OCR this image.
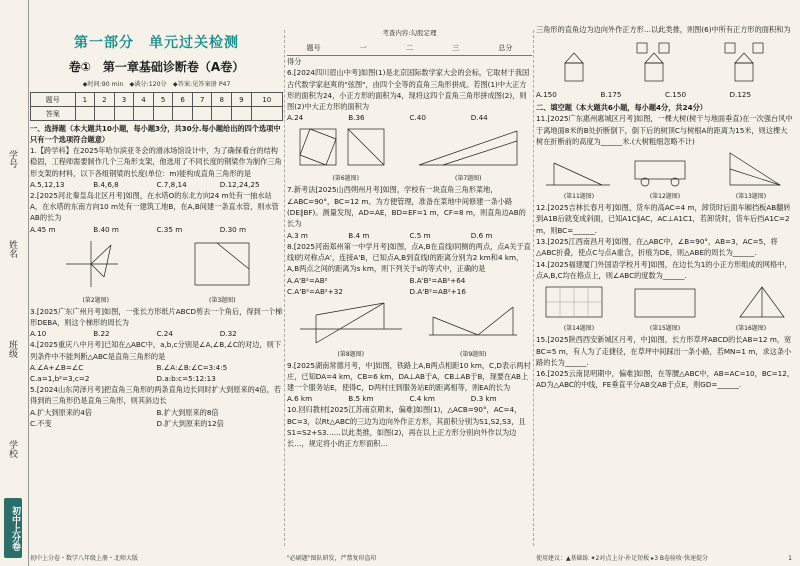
学号
姓名
班级
学校
初中上分卷
第一部分　单元过关检测
卷①　第一章基础诊断卷（A卷）
◆时间:90 min　◆满分:120分　◆答案:见答案册 P47
题号	1	2	3	4	5	6	7	8	9	10
答案										
一、选择题（本大题共10小题，每小题3分，共30分.每小题给出的四个选项中只有一个选项符合题意）

1.【跨学科】在2025年哈尔滨亚冬会的滑冰场馆设计中，为了确保看台的结构稳固，工程师需要制作几个三角形支架，他选用了不同长度的钢梁作为制作三角形支架的材料，以下各组钢梁的长度(单位：m)能构成直角三角形的是

A.5,12,13	B.4,6,8	C.7,8,14	D.12,24,25

2.[2025河北秦皇岛北区月考]如图，在水塔O的东北方向24 m处有一抽水站A，在水塔的东南方向10 m处有一建筑工地B，在A,B间建一条直水管，则水管AB的长为

A.45 m	B.40 m	C.35 m	D.30 m
(第2题图)	(第3题图)

3.[2025广东广州月考]如图，一张长方形纸片ABCD剪去一个角后，得到一个梯形DEBA，则这个梯形的周长为

A.10	B.22	C.24	D.32

4.[2025重庆八中月考]已知在△ABC中，a,b,c分别是∠A,∠B,∠C的对边，则下列条件中不能判断△ABC是直角三角形的是

A.∠A+∠B=∠C	B.∠A:∠B:∠C=3:4:5
C.a=1,b²=3,c=2	D.a:b:c=5:12:13

5.[2024山东菏泽月考]把直角三角形的两条直角边长同时扩大到原来的4倍，若得到的三角形仍是直角三角形，则其斜边长

A.扩大到原来的4倍	B.扩大到原来的8倍
C.不变	D.扩大到原来的12倍
初中上分卷・数学八年级上册・北师大版
考查内容:勾股定理
题号	一	二	三	总分
得分

6.[2024四川眉山中考]如图(1)是北京国际数学家大会的会标，它取材于我国古代数学家赵爽的"弦图"，由四个全等的直角三角形拼成。若图(1)中大正方形的面积为24，小正方形的面积为4，现将这四个直角三角形拼成图(2)，则图(2)中大正方形的面积为

A.24	B.36	C.40	D.44
(第6题图)	(第7题图)

7.新考法[2025山西朔州月考]如图，学校有一块直角三角形菜地，∠ABC=90°，BC=12 m。为方便管理，准备在菜地中间修建一条小路(DE∥BF)。测量发现，AD=AE，BD=EF=1 m，CF=8 m，则直角边AB的长为

A.3 m	B.4 m	C.5 m	D.6 m

8.[2025河南郑州第一中学月考]如图，点A,B在直线l同侧的两点，点A关于直线l的对称点A'，连接A'B，已知点A,B到直线l的距离分别为2 km和4 km，A,B两点之间的距离为s km，则下列关于s的等式中，正确的是

A.A'B²=AB²	B.A'B²=AB²+64
C.A'B²=AB²+32	D.A'B²=AB²+16
(第8题图)	(第9题图)

9.[2025湖南常德月考，中]如图，铁路上A,B两点相距10 km，C,D表示两村庄，已知DA=4 km，CB=6 km，DA⊥AB于A，CB⊥AB于B，现要在AB上建一个服务站E，使得C，D两村庄到服务站E的距离相等，则EA的长为

A.6 km	B.5 km	C.4 km	D.3 km

10.回归教材[2025江苏南京期末，偏难]如图(1)，△ACB=90°，AC=4，BC=3，以Rt△ABC的三边为边向外作正方形，其面积分别为S1,S2,S3，且S1=S2+S3……以此类推，如图(2)，再在以上正方形分别向外作以为边长…，规定将小的正方形面积…

"必刷题"图队研发，严禁复印盗印

三角形的直角边为边向外作正方形…以此类推，则图(6)中所有正方形的面积和为

A.150	B.175	C.150	D.125
二、填空题（本大题共6小题，每小题4分，共24分）

11.[2025广东惠州惠城区月考]如图，一棵大树(树干与地面垂直)在一次强台风中于离地面8米的B处折断倒下，倒下后的树顶C与树根A的距离为15米，则这棵大树在折断前的高度为______米.(大树粗细忽略不计)

(第11题图)	(第12题图)	(第13题图)

12.[2025吉林长春月考]如图，货车的高AC=4 m，卸货时后面车厢挡板AB翻转到A1B后就变成斜面，已知A1C∥AC，AC⊥A1C1，若卸货时，货车后挡A1C=2 m，则BC=______.

13.[2025江西南昌月考]如图，在△ABC中，∠B=90°，AB=3，AC=5，将△ABC折叠，使点C与点A重合，折痕为DE，则△ABE的周长为______.

14.[2025福建厦门外国语学校月考]如图，在边长为1的小正方形组成的网格中，点A,B,C均在格点上，则∠ABC的度数为______.

(第14题图)	(第15题图)	(第16题图)

15.[2025陕西西安新城区月考，中]如图，长方形草坪ABCD的长AB=12 m，宽BC=5 m，有人为了走捷径，在草坪中间踩出一条小路，若MN=1 m，求这条小路的长为______.

16.[2025云南昆明期中，偏难]如图，在等腰△ABC中，AB=AC=10，BC=12，AD为△ABC的中线，FE垂直平分AB交AB于点E，则GD=______.

使用建议：▲基础练 ✦2对点上分·补足短板 ▸3 B卷验收·快速提分	1
